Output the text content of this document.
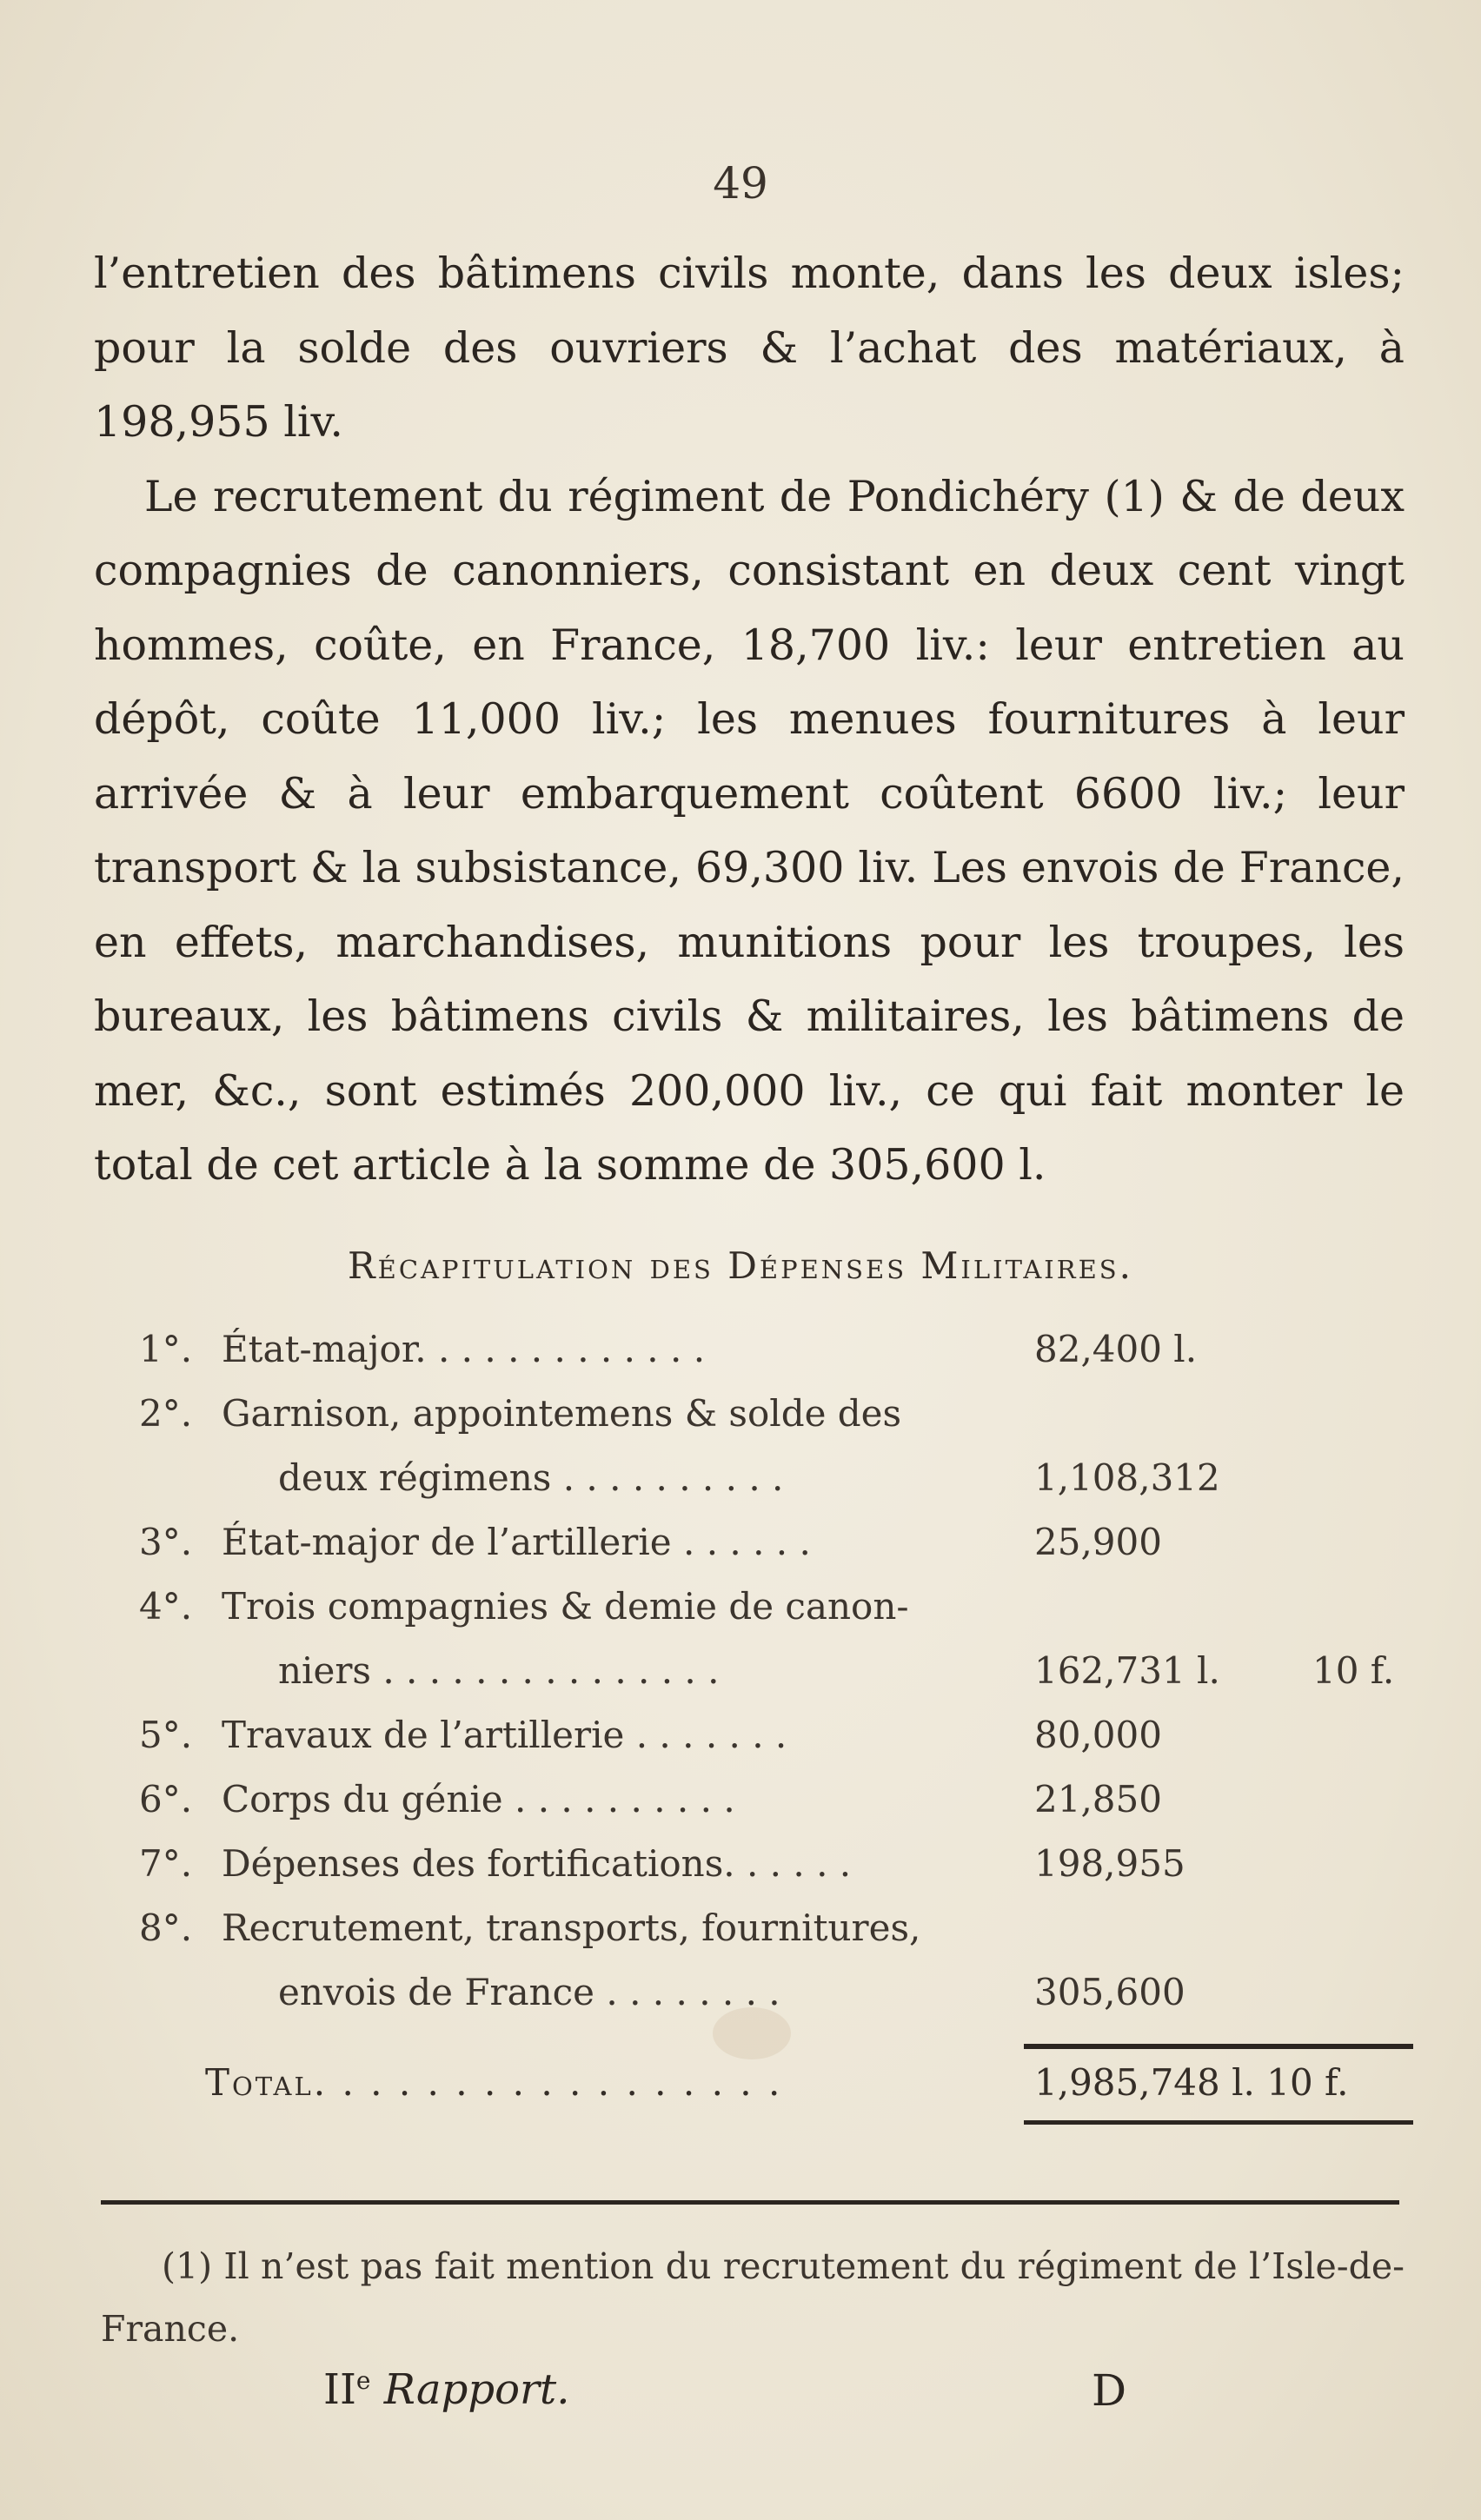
49

l’entretien des bâtimens civils monte, dans les deux isles; pour la solde des ouvriers & l’achat des matériaux, à 198,955 liv.

Le recrutement du régiment de Pondichéry (1) & de deux compagnies de canonniers, consistant en deux cent vingt hommes, coûte, en France, 18,700 liv.: leur entretien au dépôt, coûte 11,000 liv.; les menues fournitures à leur arrivée & à leur embarquement coûtent 6600 liv.; leur transport & la subsistance, 69,300 liv. Les envois de France, en effets, marchandises, munitions pour les troupes, les bureaux, les bâtimens civils & militaires, les bâtimens de mer, &c., sont estimés 200,000 liv., ce qui fait monter le total de cet article à la somme de 305,600 l.

Récapitulation des Dépenses Militaires.
1°. État-major. . . . . . . . . . . . .	82,400 l.
2°. Garnison, appointemens & solde des
deux régimens . . . . . . . . . .	1,108,312
3°. État-major de l’artillerie . . . . . .	25,900
4°. Trois compagnies & demie de canon-
niers . . . . . . . . . . . . . . .	162,731 l.	10 f.
5°. Travaux de l’artillerie . . . . . . .	80,000
6°. Corps du génie . . . . . . . . . .	21,850
7°. Dépenses des fortifications. . . . . .	198,955
8°. Recrutement, transports, fournitures,
envois de France . . . . . . . .	305,600
Total. . . . . . . . . . . . . . . . .	1,985,748 l. 10 f.

(1) Il n’est pas fait mention du recrutement du régiment de l’Isle-de-France.

IIe Rapport.	D
